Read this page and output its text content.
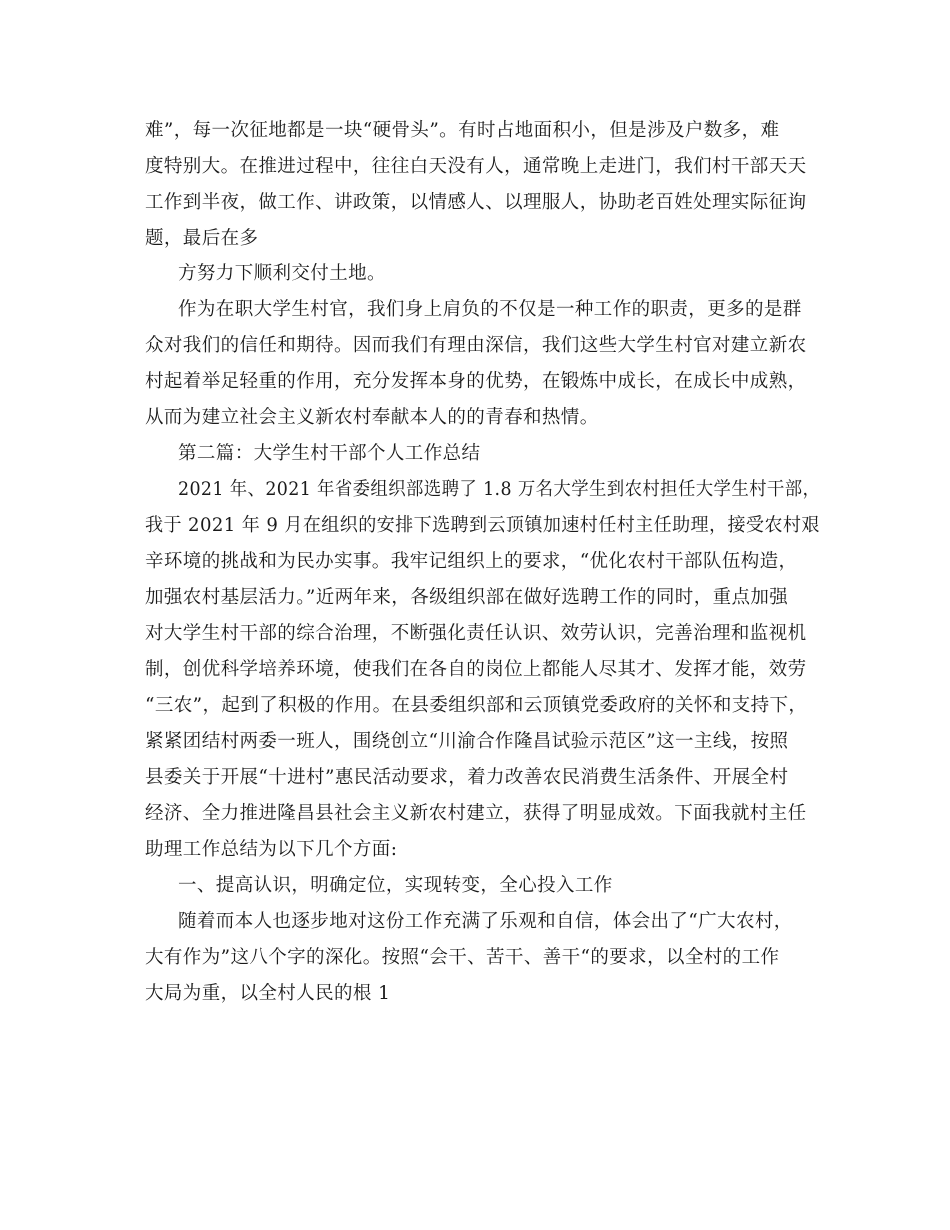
难”，每一次征地都是一块“硬骨头”。有时占地面积小，但是涉及户数多，难
度特别大。在推进过程中，往往白天没有人，通常晚上走进门，我们村干部天天
工作到半夜，做工作、讲政策，以情感人、以理服人，协助老百姓处理实际征询
题，最后在多
方努力下顺利交付土地。
作为在职大学生村官，我们身上肩负的不仅是一种工作的职责，更多的是群
众对我们的信任和期待。因而我们有理由深信，我们这些大学生村官对建立新农
村起着举足轻重的作用，充分发挥本身的优势，在锻炼中成长，在成长中成熟，
从而为建立社会主义新农村奉献本人的的青春和热情。
第二篇：大学生村干部个人工作总结
2021 年、2021 年省委组织部选聘了 1.8 万名大学生到农村担任大学生村干部，
我于 2021 年 9 月在组织的安排下选聘到云顶镇加速村任村主任助理，接受农村艰
辛环境的挑战和为民办实事。我牢记组织上的要求，“优化农村干部队伍构造，
加强农村基层活力。”近两年来，各级组织部在做好选聘工作的同时，重点加强
对大学生村干部的综合治理，不断强化责任认识、效劳认识，完善治理和监视机
制，创优科学培养环境，使我们在各自的岗位上都能人尽其才、发挥才能，效劳
“三农”，起到了积极的作用。在县委组织部和云顶镇党委政府的关怀和支持下，
紧紧团结村两委一班人，围绕创立“川渝合作隆昌试验示范区”这一主线，按照
县委关于开展“十进村”惠民活动要求，着力改善农民消费生活条件、开展全村
经济、全力推进隆昌县社会主义新农村建立，获得了明显成效。下面我就村主任
助理工作总结为以下几个方面:
一、提高认识，明确定位，实现转变，全心投入工作
随着而本人也逐步地对这份工作充满了乐观和自信，体会出了“广大农村，
大有作为”这八个字的深化。按照“会干、苦干、善干“的要求，以全村的工作
大局为重，以全村人民的根 1
